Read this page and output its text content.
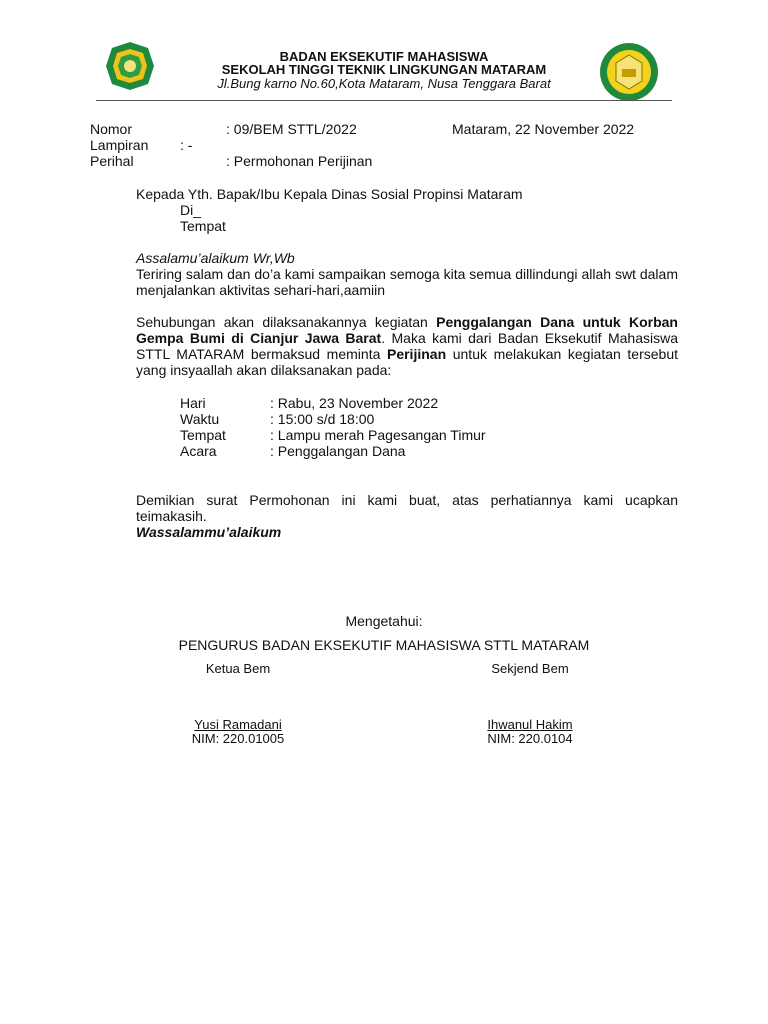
BADAN EKSEKUTIF MAHASISWA
SEKOLAH TINGGI TEKNIK LINGKUNGAN MATARAM
Jl.Bung karno No.60,Kota Mataram, Nusa Tenggara Barat
Nomor	: 09/BEM STTL/2022	Mataram, 22 November 2022
Lampiran : -
Perihal	: Permohonan Perijinan
Kepada Yth. Bapak/Ibu Kepala Dinas Sosial Propinsi Mataram
Di_
Tempat
Assalamu’alaikum Wr,Wb
Teriring salam dan do’a kami sampaikan semoga kita semua dillindungi allah swt dalam menjalankan aktivitas sehari-hari,aamiin
Sehubungan akan dilaksanakannya kegiatan Penggalangan Dana untuk Korban Gempa Bumi di Cianjur Jawa Barat. Maka kami dari Badan Eksekutif Mahasiswa STTL MATARAM bermaksud meminta Perijinan untuk melakukan kegiatan tersebut yang insyaallah akan dilaksanakan pada:
Hari	: Rabu, 23 November 2022
Waktu	: 15:00 s/d 18:00
Tempat	: Lampu merah Pagesangan Timur
Acara	: Penggalangan Dana
Demikian surat Permohonan ini kami buat, atas perhatiannya kami ucapkan teimakasih.
Wassalammu’alaikum
Mengetahui:
PENGURUS BADAN EKSEKUTIF MAHASISWA STTL MATARAM
Ketua Bem	Sekjend Bem
Yusi Ramadani
NIM: 220.01005
Ihwanul Hakim
NIM: 220.0104
